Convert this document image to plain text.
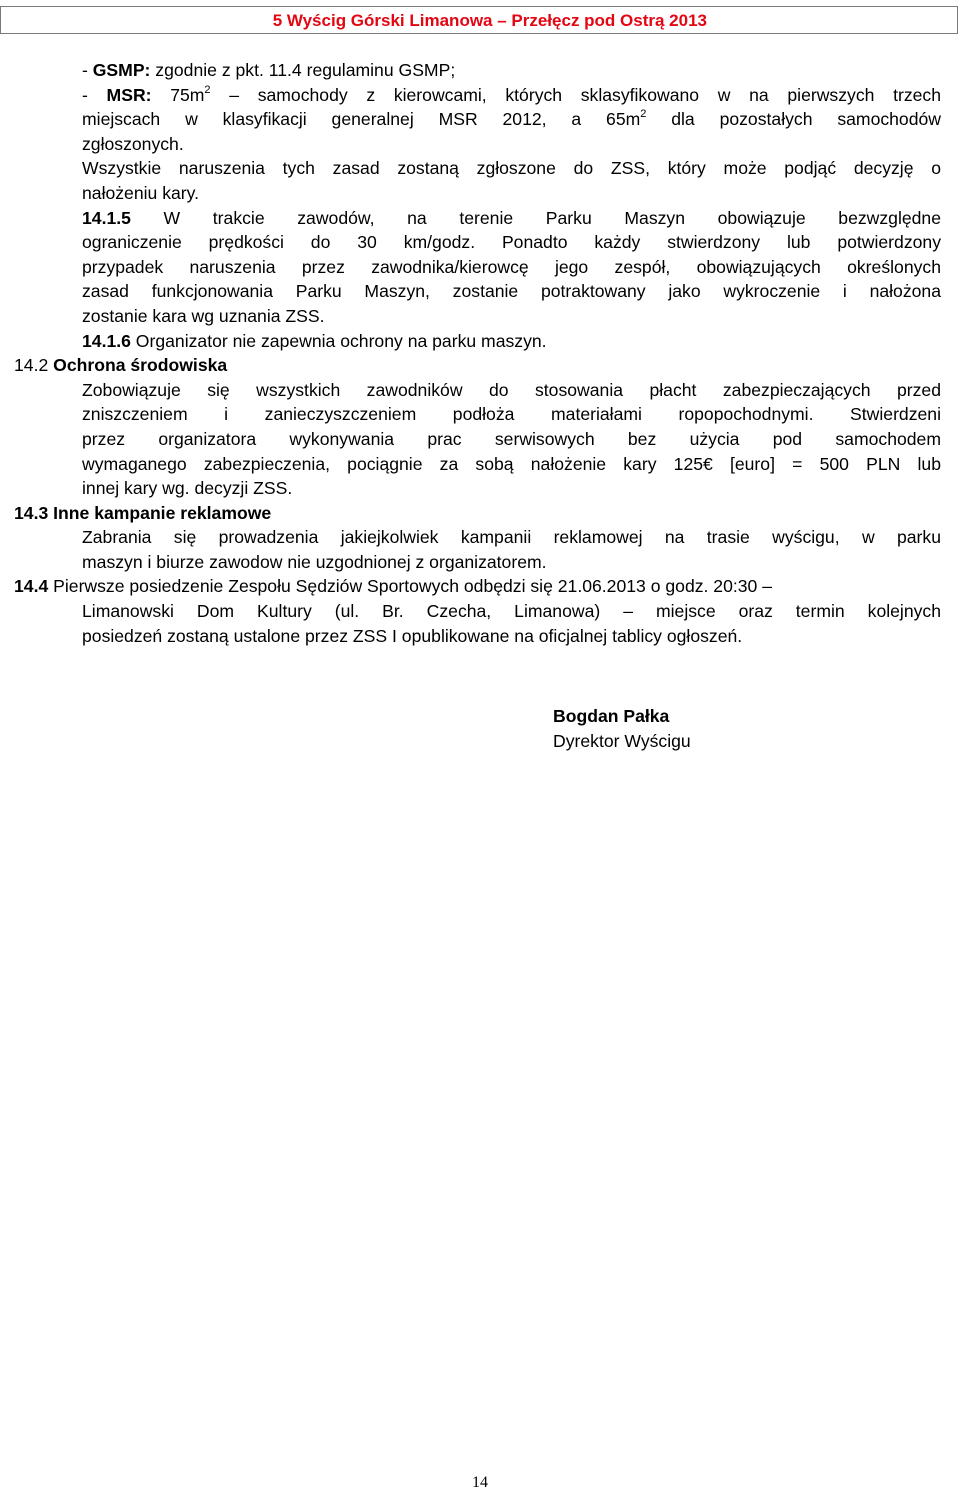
5 Wyścig Górski Limanowa – Przełęcz pod Ostrą 2013
- GSMP: zgodnie z pkt. 11.4 regulaminu GSMP;
- MSR: $75m^2$ – samochody z kierowcami, których sklasyfikowano w na pierwszych trzech
miejscach w klasyfikacji generalnej MSR 2012, a $65m^2$ dla pozostałych samochodów
zgłoszonych.
Wszystkie naruszenia tych zasad zostaną zgłoszone do ZSS, który może podjąć decyzję o
nałożeniu kary.
14.1.5 W trakcie zawodów, na terenie Parku Maszyn obowiązuje bezwzględne
ograniczenie prędkości do 30 km/godz. Ponadto każdy stwierdzony lub potwierdzony
przypadek naruszenia przez zawodnika/kierowcę jego zespół, obowiązujących określonych
zasad funkcjonowania Parku Maszyn, zostanie potraktowany jako wykroczenie i nałożona
zostanie kara wg uznania ZSS.
14.1.6 Organizator nie zapewnia ochrony na parku maszyn.
14.2 Ochrona środowiska
Zobowiązuje się wszystkich zawodników do stosowania płacht zabezpieczających przed
zniszczeniem i zanieczyszczeniem podłoża materiałami ropopochodnymi. Stwierdzeni
przez organizatora wykonywania prac serwisowych bez użycia pod samochodem
wymaganego zabezpieczenia, pociągnie za sobą nałożenie kary 125€ [euro] = 500 PLN lub
innej kary wg. decyzji ZSS.
14.3 Inne kampanie reklamowe
Zabrania się prowadzenia jakiejkolwiek kampanii reklamowej na trasie wyścigu, w parku
maszyn i biurze zawodow nie uzgodnionej z organizatorem.
14.4 Pierwsze posiedzenie Zespołu Sędziów Sportowych odbędzi się 21.06.2013 o godz. 20:30 –
Limanowski Dom Kultury (ul. Br. Czecha, Limanowa) – miejsce oraz termin kolejnych
posiedzeń zostaną ustalone przez ZSS I opublikowane na oficjalnej tablicy ogłoszeń.
Bogdan Pałka
Dyrektor Wyścigu
14
